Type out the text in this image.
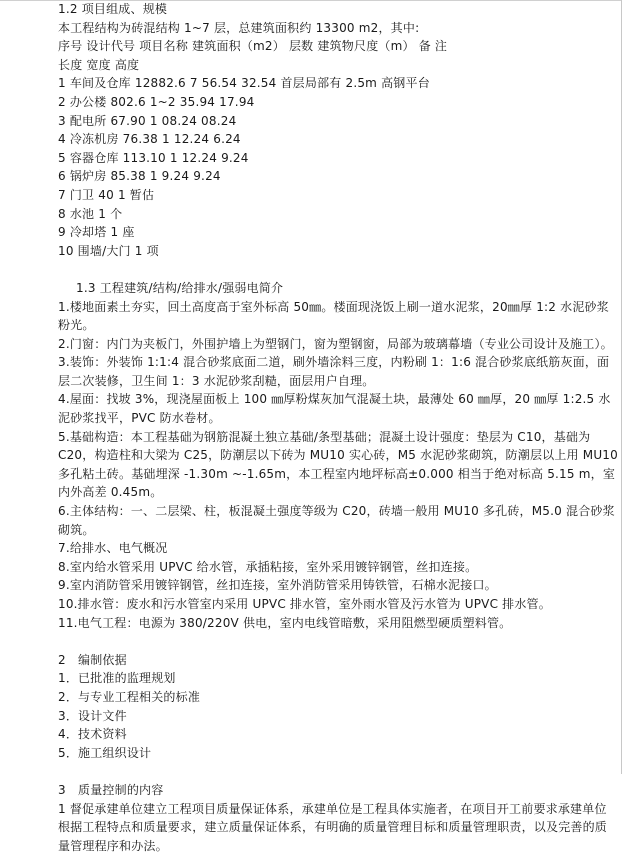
1.2 项目组成、规模
本工程结构为砖混结构 1~7 层，总建筑面积约 13300 m2，其中:
序号 设计代号 项目名称 建筑面积（m2） 层数 建筑物尺度（m） 备 注
长度 宽度 高度
1 车间及仓库 12882.6 7 56.54 32.54 首层局部有 2.5m 高钢平台
2 办公楼 802.6 1~2 35.94 17.94
3 配电所 67.90 1 08.24 08.24
4 冷冻机房 76.38 1 12.24 6.24
5 容器仓库 113.10 1 12.24 9.24
6 锅炉房 85.38 1 9.24 9.24
7 门卫 40 1 暂估
8 水池 1 个
9 冷却塔 1 座
10 围墙/大门 1 项
1.3 工程建筑/结构/给排水/强弱电简介
1.楼地面素土夯实，回土高度高于室外标高 50㎜。楼面现浇饭上刷一道水泥浆，20㎜厚 1:2 水泥砂浆粉光。
2.门窗：内门为夹板门，外围护墙上为塑钢门，窗为塑钢窗，局部为玻璃幕墙（专业公司设计及施工）。
3.装饰：外装饰 1:1:4 混合砂浆底面二道，刷外墙涂料三度，内粉刷 1：1:6 混合砂浆底纸筋灰面，面层二次装修，卫生间 1：3 水泥砂浆刮糙，面层用户自理。
4.屋面：找坡 3%，现浇屋面板上 100 ㎜厚粉煤灰加气混凝土块，最薄处 60 ㎜厚，20 ㎜厚 1:2.5 水泥砂浆找平，PVC 防水卷材。
5.基础构造：本工程基础为钢筋混凝土独立基础/条型基础；混凝土设计强度：垫层为 C10，基础为 C20，构造柱和大梁为 C25，防潮层以下砖为 MU10 实心砖，M5 水泥砂浆砌筑，防潮层以上用 MU10 多孔粘土砖。基础埋深 -1.30m ~-1.65m，本工程室内地坪标高±0.000 相当于绝对标高 5.15 m，室内外高差 0.45m。
6.主体结构：一、二层梁、柱，板混凝土强度等级为 C20，砖墙一般用 MU10 多孔砖，M5.0 混合砂浆砌筑。
7.给排水、电气概况
8.室内给水管采用 UPVC 给水管，承插粘接，室外采用镀锌钢管，丝扣连接。
9.室内消防管采用镀锌钢管，丝扣连接，室外消防管采用铸铁管，石棉水泥接口。
10.排水管：废水和污水管室内采用 UPVC 排水管，室外雨水管及污水管为 UPVC 排水管。
11.电气工程：电源为 380/220V 供电，室内电线管暗敷，采用阻燃型硬质塑料管。
2　编制依据
1．已批准的监理规划
2．与专业工程相关的标准
3．设计文件
4．技术资料
5．施工组织设计
3　质量控制的内容
1 督促承建单位建立工程项目质量保证体系，承建单位是工程具体实施者，在项目开工前要求承建单位根据工程特点和质量要求，建立质量保证体系，有明确的质量管理目标和质量管理职责，以及完善的质量管理程序和办法。
